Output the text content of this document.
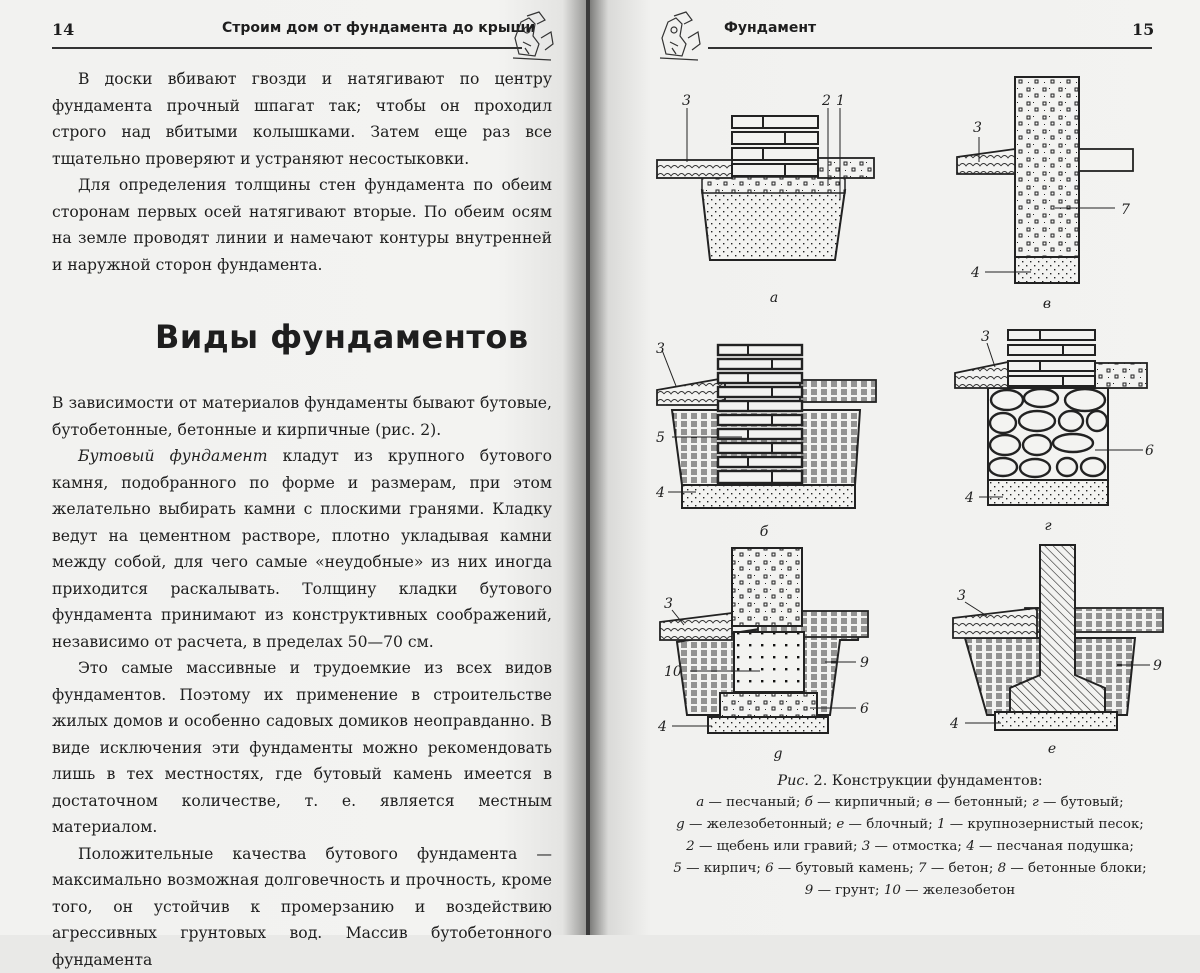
14	Строим дом от фундамента до крыши

В доски вбивают гвозди и натягивают по центру фундамента прочный шпагат так; чтобы он проходил строго над вбитыми колышками. Затем еще раз все тщательно проверяют и устраняют несостыковки.

Для определения толщины стен фундамента по обеим сторонам первых осей натягивают вторые. По обеим осям на земле проводят линии и намечают контуры внутренней и наружной сторон фундамента.

Виды фундаментов

В зависимости от материалов фундаменты бывают бутовые, бутобетонные, бетонные и кирпичные (рис. 2).

Бутовый фундамент кладут из крупного бутового камня, подобранного по форме и размерам, при этом желательно выбирать камни с плоскими гранями. Кладку ведут на цементном растворе, плотно укладывая камни между собой, для чего самые «неудобные» из них иногда приходится раскалывать. Толщину кладки бутового фундамента принимают из конструктивных соображений, независимо от расчета, в пределах 50—70 см.

Это самые массивные и трудоемкие из всех видов фундаментов. Поэтому их применение в строительстве жилых домов и особенно садовых домиков неоправданно. В виде исключения эти фундаменты можно рекомендовать лишь в тех местностях, где бутовый камень имеется в достаточном количестве, т. е. является местным материалом.

Положительные качества бутового фундамента — максимально возможная долговечность и прочность, кроме того, он устойчив к промерзанию и воздействию агрессивных грунтовых вод. Массив бутобетонного фундамента

Фундамент	15
3	2 1
а
3
7
4
в
3
5
4
б
3
6
4
г
3
10
9
6
4
g
3
9
4
е
Рис. 2. Конструкции фундаментов:
а — песчаный; б — кирпичный; в — бетонный; г — бутовый;
g — железобетонный; е — блочный; 1 — крупнозернистый песок;
2 — щебень или гравий; 3 — отмостка; 4 — песчаная подушка;
5 — кирпич; 6 — бутовый камень; 7 — бетон; 8 — бетонные блоки;
9 — грунт; 10 — железобетон
